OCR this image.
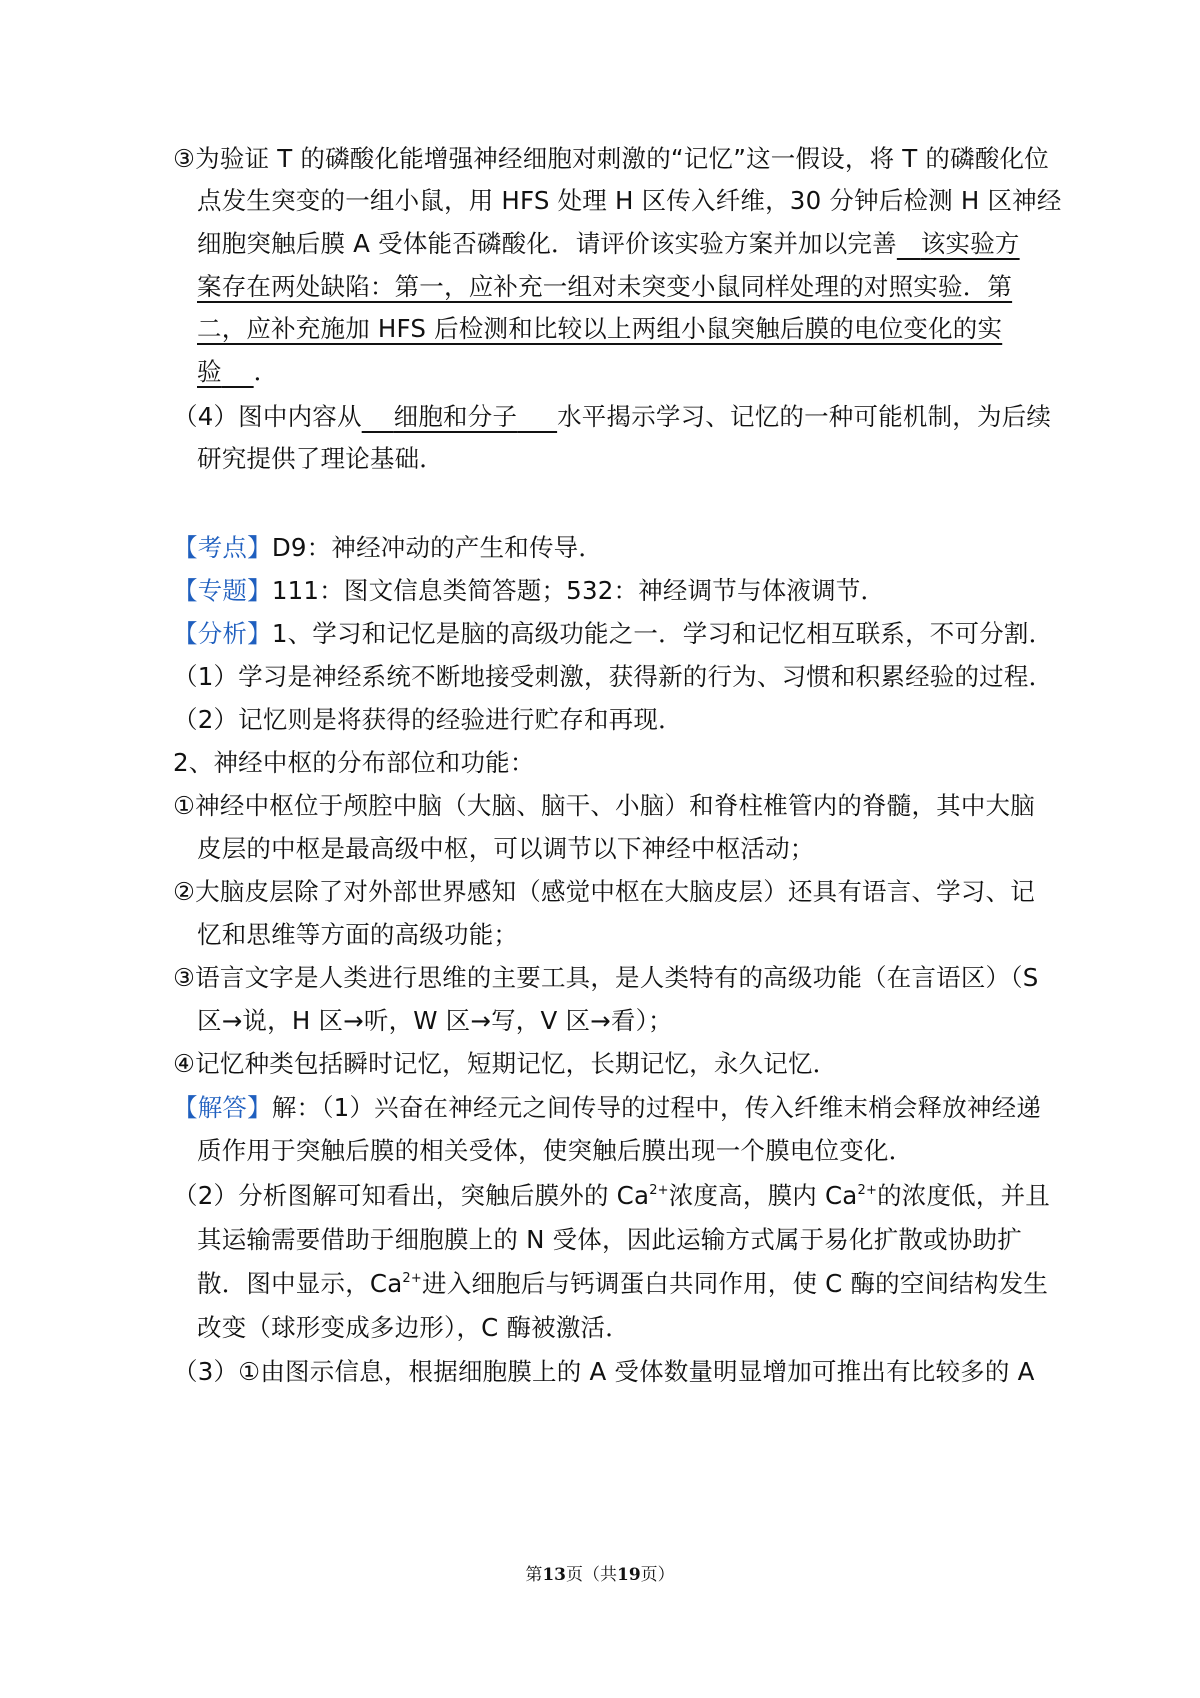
③为验证 T 的磷酸化能增强神经细胞对刺激的“记忆”这一假设，将 T 的磷酸化位
点发生突变的一组小鼠，用 HFS 处理 H 区传入纤维，30 分钟后检测 H 区神经
细胞突触后膜 A 受体能否磷酸化．请评价该实验方案并加以完善 该实验方
案存在两处缺陷：第一，应补充一组对未突变小鼠同样处理的对照实验．第
二，应补充施加 HFS 后检测和比较以上两组小鼠突触后膜的电位变化的实
验 ．
（4）图中内容从 细胞和分子 水平揭示学习、记忆的一种可能机制，为后续
研究提供了理论基础．
【考点】D9：神经冲动的产生和传导．
【专题】111：图文信息类简答题；532：神经调节与体液调节．
【分析】1、学习和记忆是脑的高级功能之一．学习和记忆相互联系，不可分割．
（1）学习是神经系统不断地接受刺激，获得新的行为、习惯和积累经验的过程．
（2）记忆则是将获得的经验进行贮存和再现．
2、神经中枢的分布部位和功能：
①神经中枢位于颅腔中脑（大脑、脑干、小脑）和脊柱椎管内的脊髓，其中大脑
皮层的中枢是最高级中枢，可以调节以下神经中枢活动；
②大脑皮层除了对外部世界感知（感觉中枢在大脑皮层）还具有语言、学习、记
忆和思维等方面的高级功能；
③语言文字是人类进行思维的主要工具，是人类特有的高级功能（在言语区）（S
区→说，H 区→听，W 区→写，V 区→看）；
④记忆种类包括瞬时记忆，短期记忆，长期记忆，永久记忆．
【解答】解：（1）兴奋在神经元之间传导的过程中，传入纤维末梢会释放神经递
质作用于突触后膜的相关受体，使突触后膜出现一个膜电位变化．
（2）分析图解可知看出，突触后膜外的 $Ca^{2+}$浓度高，膜内 $Ca^{2+}$的浓度低，并且
其运输需要借助于细胞膜上的 N 受体，因此运输方式属于易化扩散或协助扩
散．图中显示，$Ca^{2+}$进入细胞后与钙调蛋白共同作用，使 C 酶的空间结构发生
改变（球形变成多边形），C 酶被激活．
（3）①由图示信息，根据细胞膜上的 A 受体数量明显增加可推出有比较多的 A
第13页（共19页）
